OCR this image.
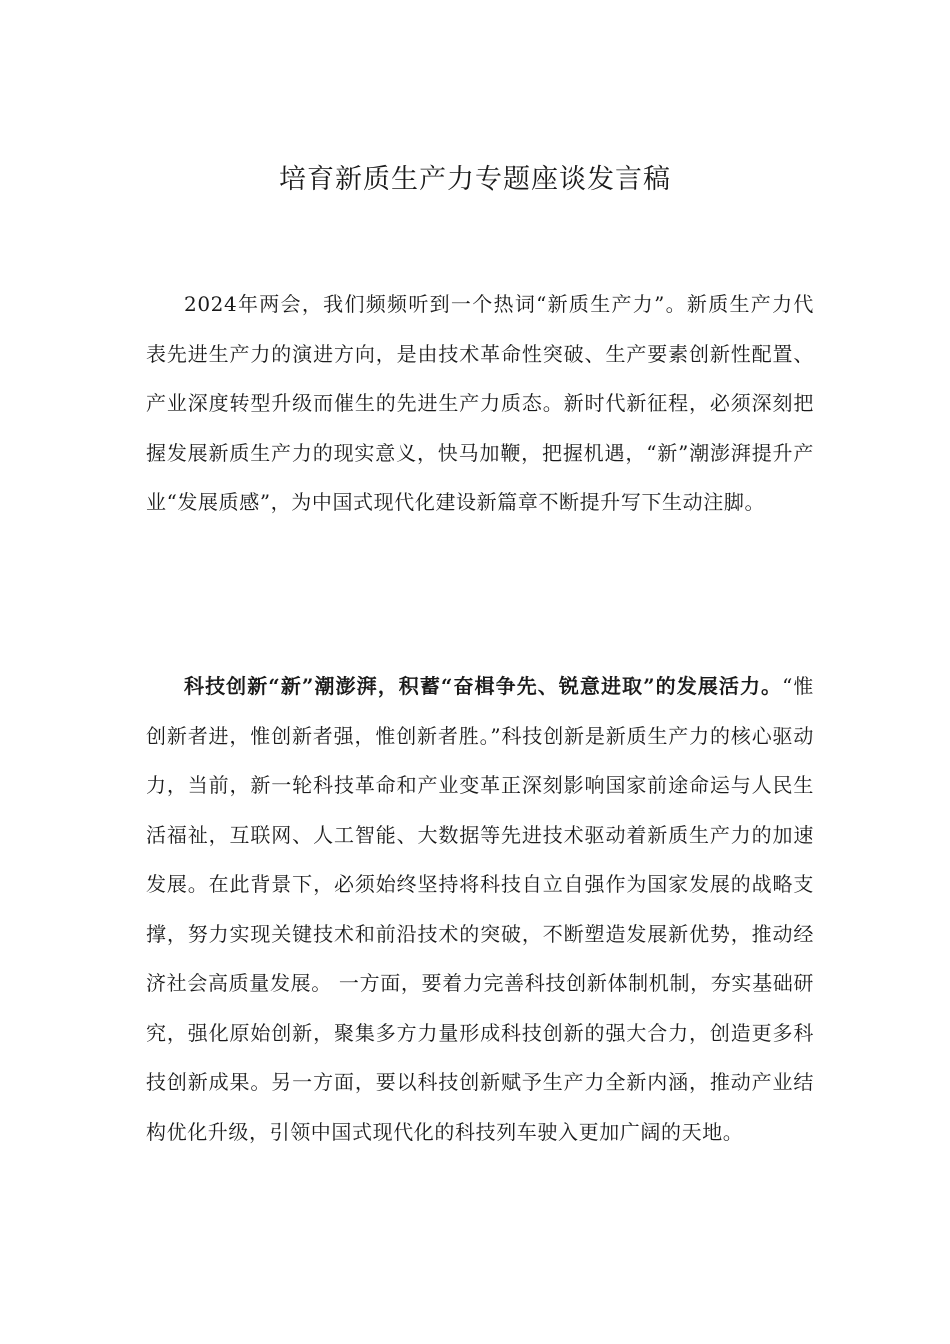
培育新质生产力专题座谈发言稿

2024年两会，我们频频听到一个热词“新质生产力”。新质生产力代表先进生产力的演进方向，是由技术革命性突破、生产要素创新性配置、产业深度转型升级而催生的先进生产力质态。新时代新征程，必须深刻把握发展新质生产力的现实意义，快马加鞭，把握机遇，“新”潮澎湃提升产业“发展质感”，为中国式现代化建设新篇章不断提升写下生动注脚。

科技创新“新”潮澎湃，积蓄“奋楫争先、锐意进取”的发展活力。“惟创新者进，惟创新者强，惟创新者胜。”科技创新是新质生产力的核心驱动力，当前，新一轮科技革命和产业变革正深刻影响国家前途命运与人民生活福祉，互联网、人工智能、大数据等先进技术驱动着新质生产力的加速发展。在此背景下，必须始终坚持将科技自立自强作为国家发展的战略支撑，努力实现关键技术和前沿技术的突破，不断塑造发展新优势，推动经济社会高质量发展。 一方面，要着力完善科技创新体制机制，夯实基础研究，强化原始创新，聚集多方力量形成科技创新的强大合力，创造更多科技创新成果。另一方面，要以科技创新赋予生产力全新内涵，推动产业结构优化升级，引领中国式现代化的科技列车驶入更加广阔的天地。
